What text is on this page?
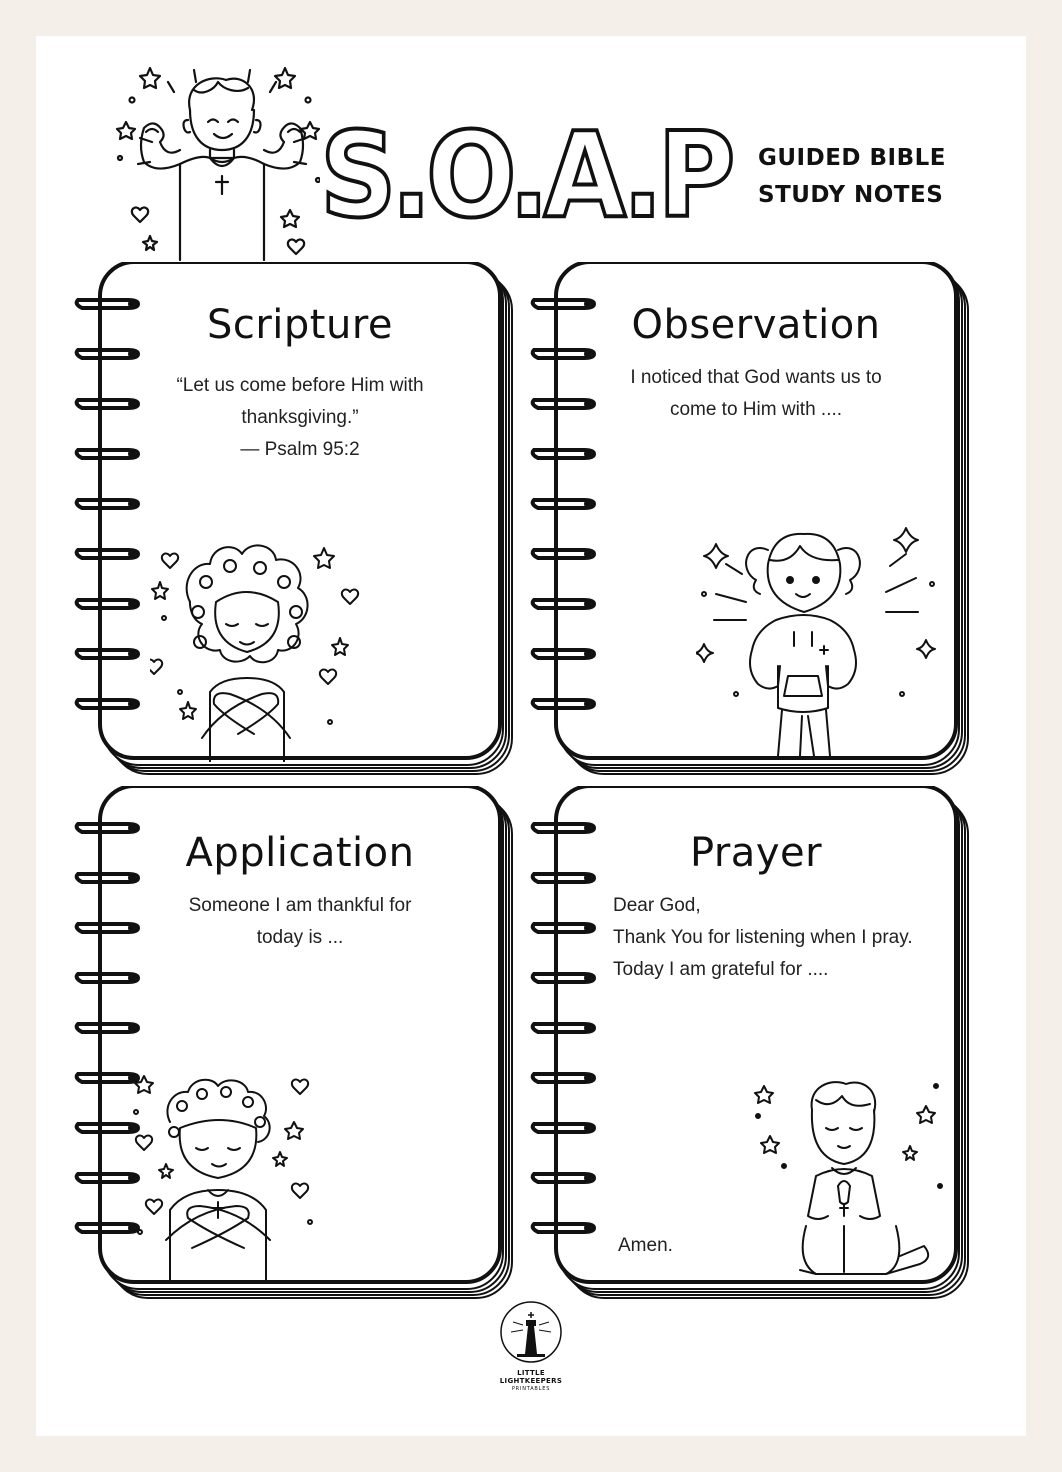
S.O.A.P GUIDED BIBLE
STUDY NOTES
Scripture
“Let us come before Him with
thanksgiving.”
— Psalm 95:2
Observation
I noticed that God wants us to
come to Him with ....
Application
Someone I am thankful for
today is ...
Prayer
Dear God,
Thank You for listening when I pray.
Today I am grateful for ....
Amen.
LITTLE
LIGHTKEEPERS
PRINTABLES
